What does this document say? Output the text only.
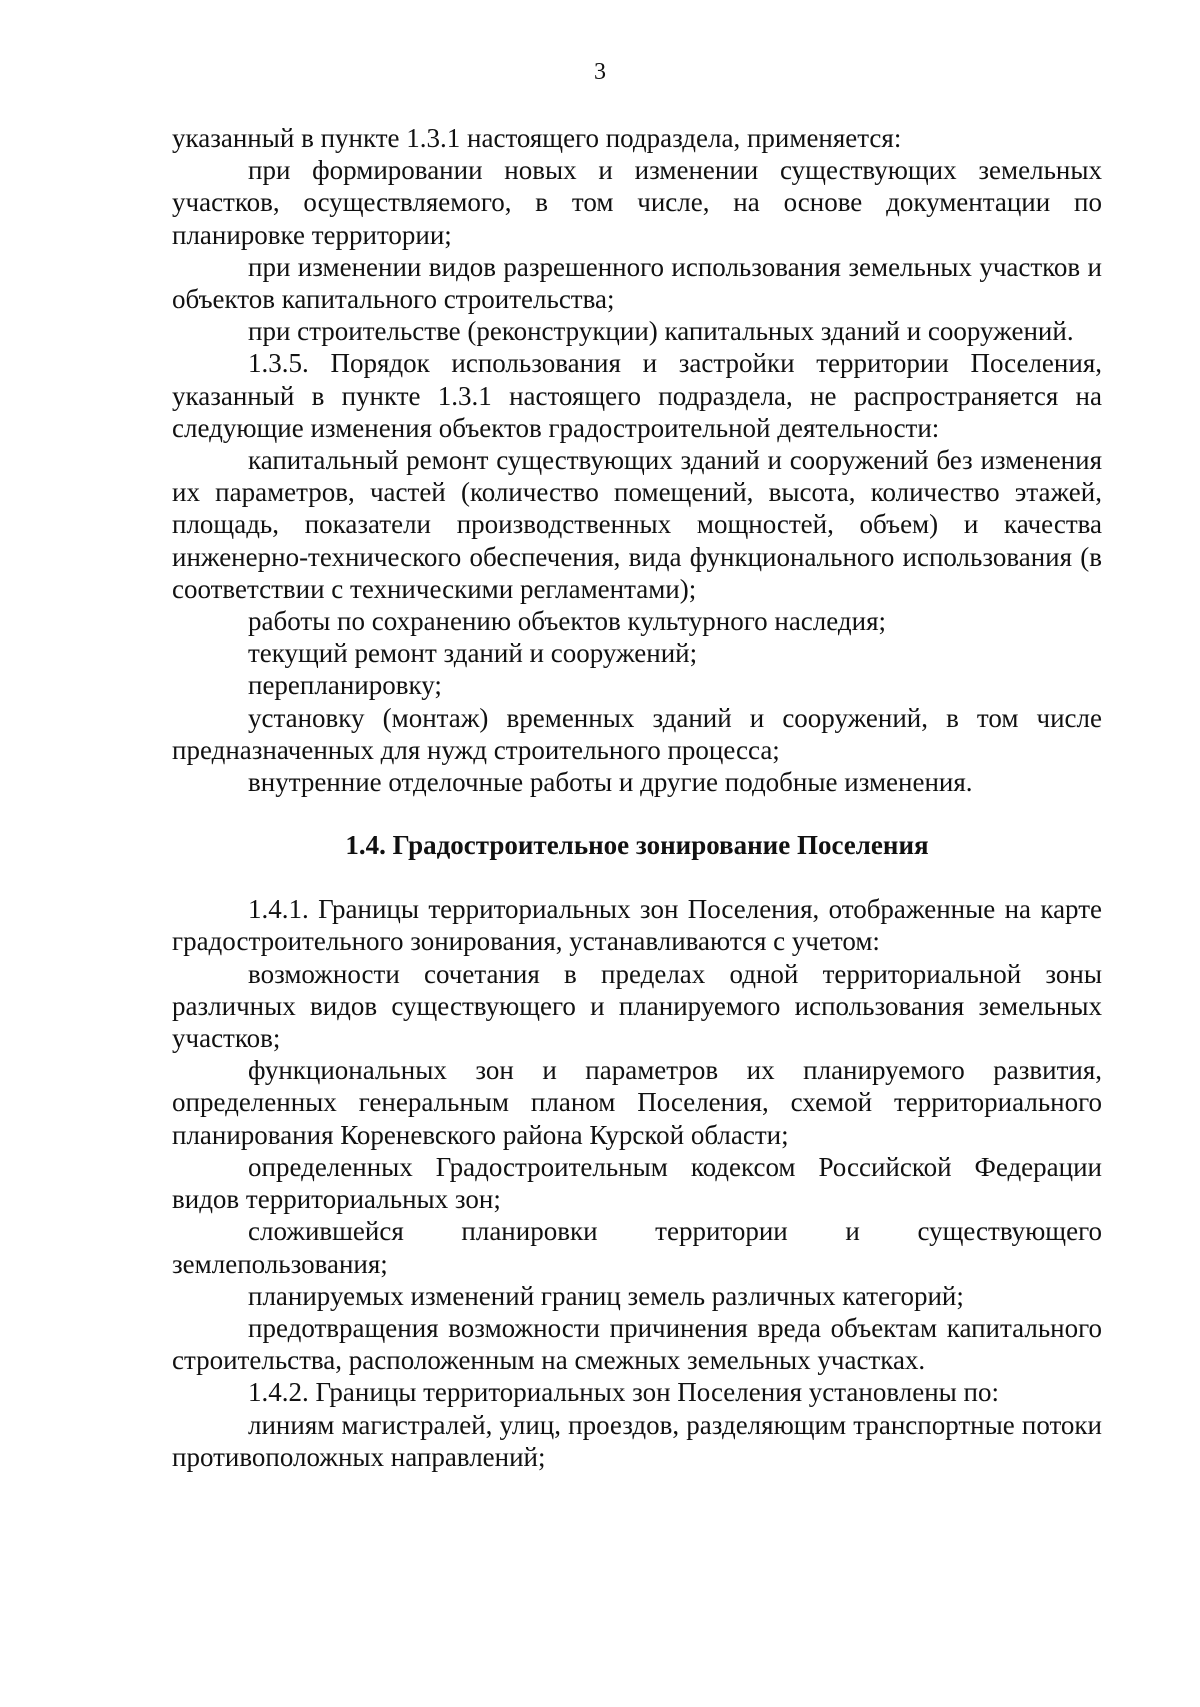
3

указанный в пункте 1.3.1 настоящего подраздела, применяется:

при формировании новых и изменении существующих земельных участков, осуществляемого, в том числе, на основе документации по планировке территории;

при изменении видов разрешенного использования земельных участков и объектов капитального строительства;

при строительстве (реконструкции) капитальных зданий и сооружений.

1.3.5. Порядок использования и застройки территории Поселения, указанный в пункте 1.3.1 настоящего подраздела, не распространяется на следующие изменения объектов градостроительной деятельности:

капитальный ремонт существующих зданий и сооружений без изменения их параметров, частей (количество помещений, высота, количество этажей, площадь, показатели производственных мощностей, объем) и качества инженерно-технического обеспечения, вида функционального использования (в соответствии с техническими регламентами);

работы по сохранению объектов культурного наследия;

текущий ремонт зданий и сооружений;

перепланировку;

установку (монтаж) временных зданий и сооружений, в том числе предназначенных для нужд строительного процесса;

внутренние отделочные работы и другие подобные изменения.

1.4. Градостроительное зонирование Поселения

1.4.1. Границы территориальных зон Поселения, отображенные на карте градостроительного зонирования, устанавливаются с учетом:

возможности сочетания в пределах одной территориальной зоны различных видов существующего и планируемого использования земельных участков;

функциональных зон и параметров их планируемого развития, определенных генеральным планом Поселения, схемой территориального планирования Кореневского района Курской области;

определенных Градостроительным кодексом Российской Федерации видов территориальных зон;

сложившейся планировки территории и существующего землепользования;

планируемых изменений границ земель различных категорий;

предотвращения возможности причинения вреда объектам капитального строительства, расположенным на смежных земельных участках.

1.4.2. Границы территориальных зон Поселения установлены по:

линиям магистралей, улиц, проездов, разделяющим транспортные потоки противоположных направлений;
